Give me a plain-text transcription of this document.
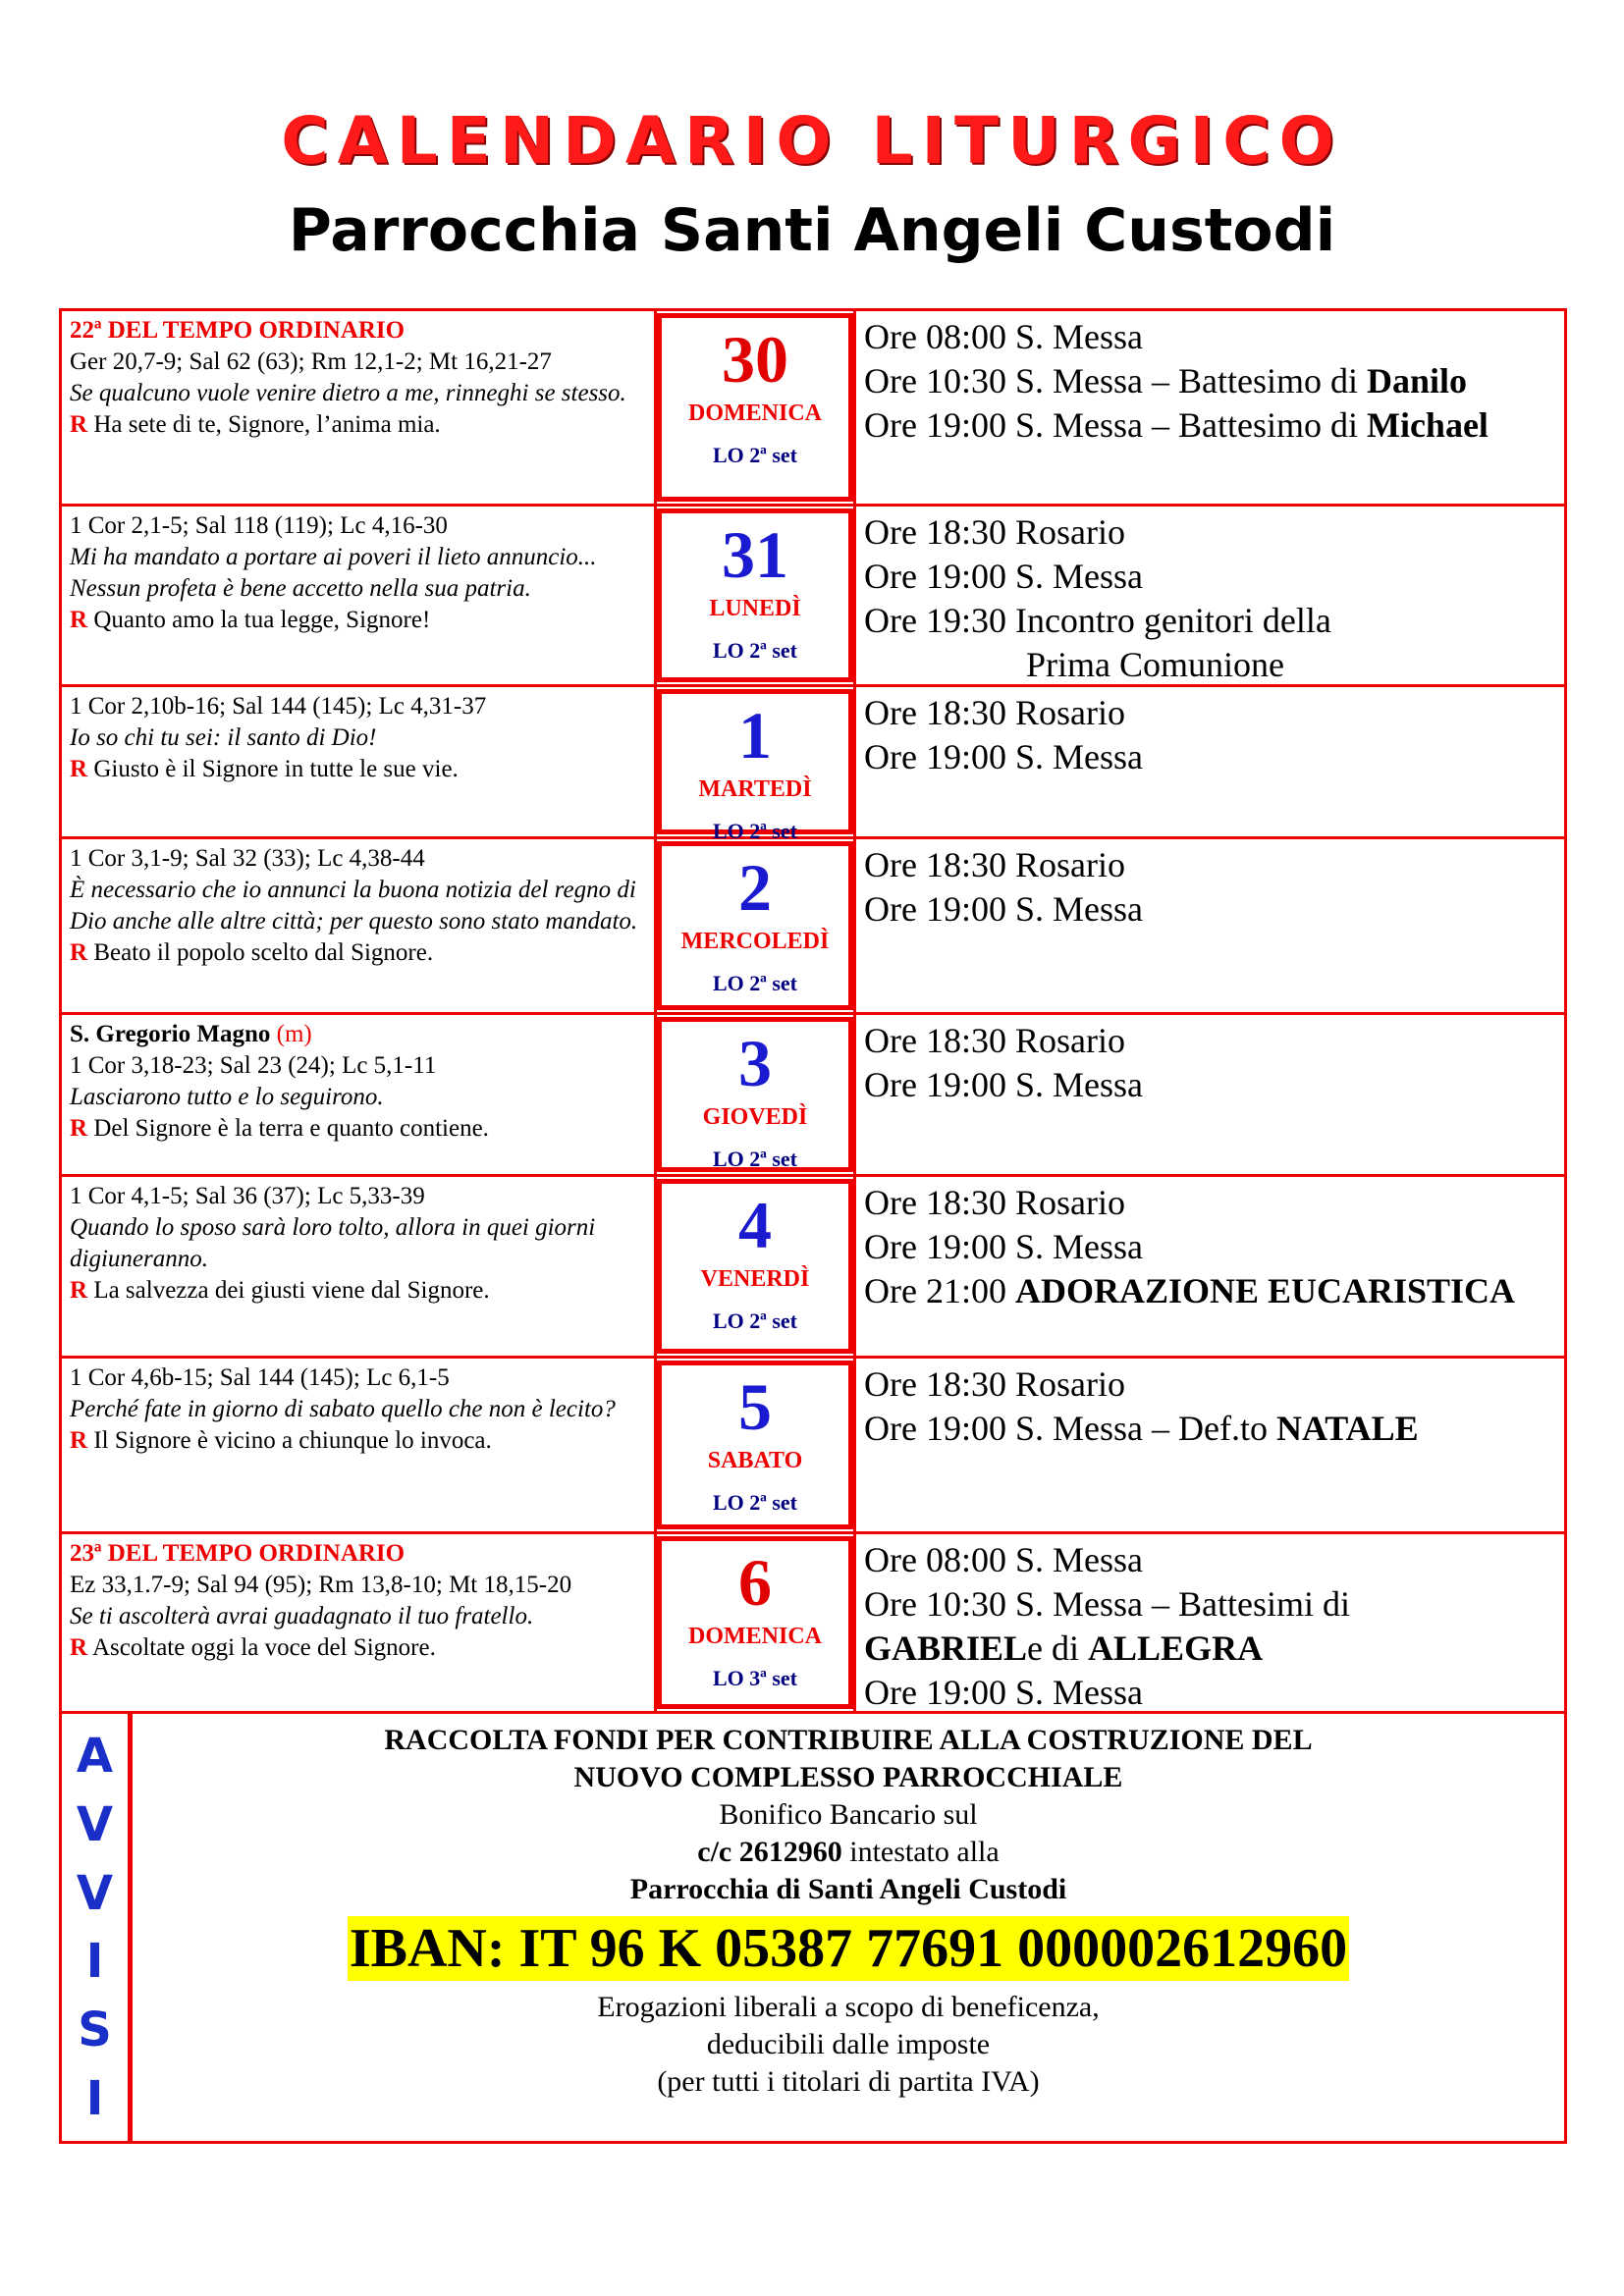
CALENDARIO LITURGICO
Parrocchia Santi Angeli Custodi
22ª DEL TEMPO ORDINARIO
Ger 20,7-9; Sal 62 (63); Rm 12,1-2; Mt 16,21-27
Se qualcuno vuole venire dietro a me, rinneghi se stesso.
R Ha sete di te, Signore, l’anima mia.
30
DOMENICA
LO 2ª set
Ore 08:00 S. Messa
Ore 10:30 S. Messa – Battesimo di Danilo
Ore 19:00 S. Messa – Battesimo di Michael
1 Cor 2,1-5; Sal 118 (119); Lc 4,16-30
Mi ha mandato a portare ai poveri il lieto annuncio... Nessun profeta è bene accetto nella sua patria.
R Quanto amo la tua legge, Signore!
31
LUNEDÌ
LO 2ª set
Ore 18:30 Rosario
Ore 19:00 S. Messa
Ore 19:30 Incontro genitori della
Prima Comunione
1 Cor 2,10b-16; Sal 144 (145); Lc 4,31-37
Io so chi tu sei: il santo di Dio!
R Giusto è il Signore in tutte le sue vie.	1
MARTEDÌ
LO 2ª set
Ore 18:30 Rosario
Ore 19:00 S. Messa
1 Cor 3,1-9; Sal 32 (33); Lc 4,38-44
È necessario che io annunci la buona notizia del regno di Dio anche alle altre città; per questo sono stato mandato.
R Beato il popolo scelto dal Signore.
2
MERCOLEDÌ
LO 2ª set
Ore 18:30 Rosario
Ore 19:00 S. Messa
S. Gregorio Magno (m)
1 Cor 3,18-23; Sal 23 (24); Lc 5,1-11
Lasciarono tutto e lo seguirono.
R Del Signore è la terra e quanto contiene.
3
GIOVEDÌ
LO 2ª set
Ore 18:30 Rosario
Ore 19:00 S. Messa
1 Cor 4,1-5; Sal 36 (37); Lc 5,33-39
Quando lo sposo sarà loro tolto, allora in quei giorni digiuneranno.
R La salvezza dei giusti viene dal Signore.
4
VENERDÌ
LO 2ª set
Ore 18:30 Rosario
Ore 19:00 S. Messa
Ore 21:00 ADORAZIONE EUCARISTICA
1 Cor 4,6b-15; Sal 144 (145); Lc 6,1-5
Perché fate in giorno di sabato quello che non è lecito?
R Il Signore è vicino a chiunque lo invoca.	5
SABATO
LO 2ª set
Ore 18:30 Rosario
Ore 19:00 S. Messa – Def.to NATALE
23ª DEL TEMPO ORDINARIO
Ez 33,1.7-9; Sal 94 (95); Rm 13,8-10; Mt 18,15-20
Se ti ascolterà avrai guadagnato il tuo fratello.
R Ascoltate oggi la voce del Signore.
6
DOMENICA
LO 3ª set
Ore 08:00 S. Messa
Ore 10:30 S. Messa – Battesimi di
GABRIELe di ALLEGRA
Ore 19:00 S. Messa
A
V
V
I
S
I
RACCOLTA FONDI PER CONTRIBUIRE ALLA COSTRUZIONE DEL
NUOVO COMPLESSO PARROCCHIALE
Bonifico Bancario sul
c/c 2612960 intestato alla
Parrocchia di Santi Angeli Custodi
IBAN: IT 96 K 05387 77691 000002612960
Erogazioni liberali a scopo di beneficenza,
deducibili dalle imposte
(per tutti i titolari di partita IVA)
